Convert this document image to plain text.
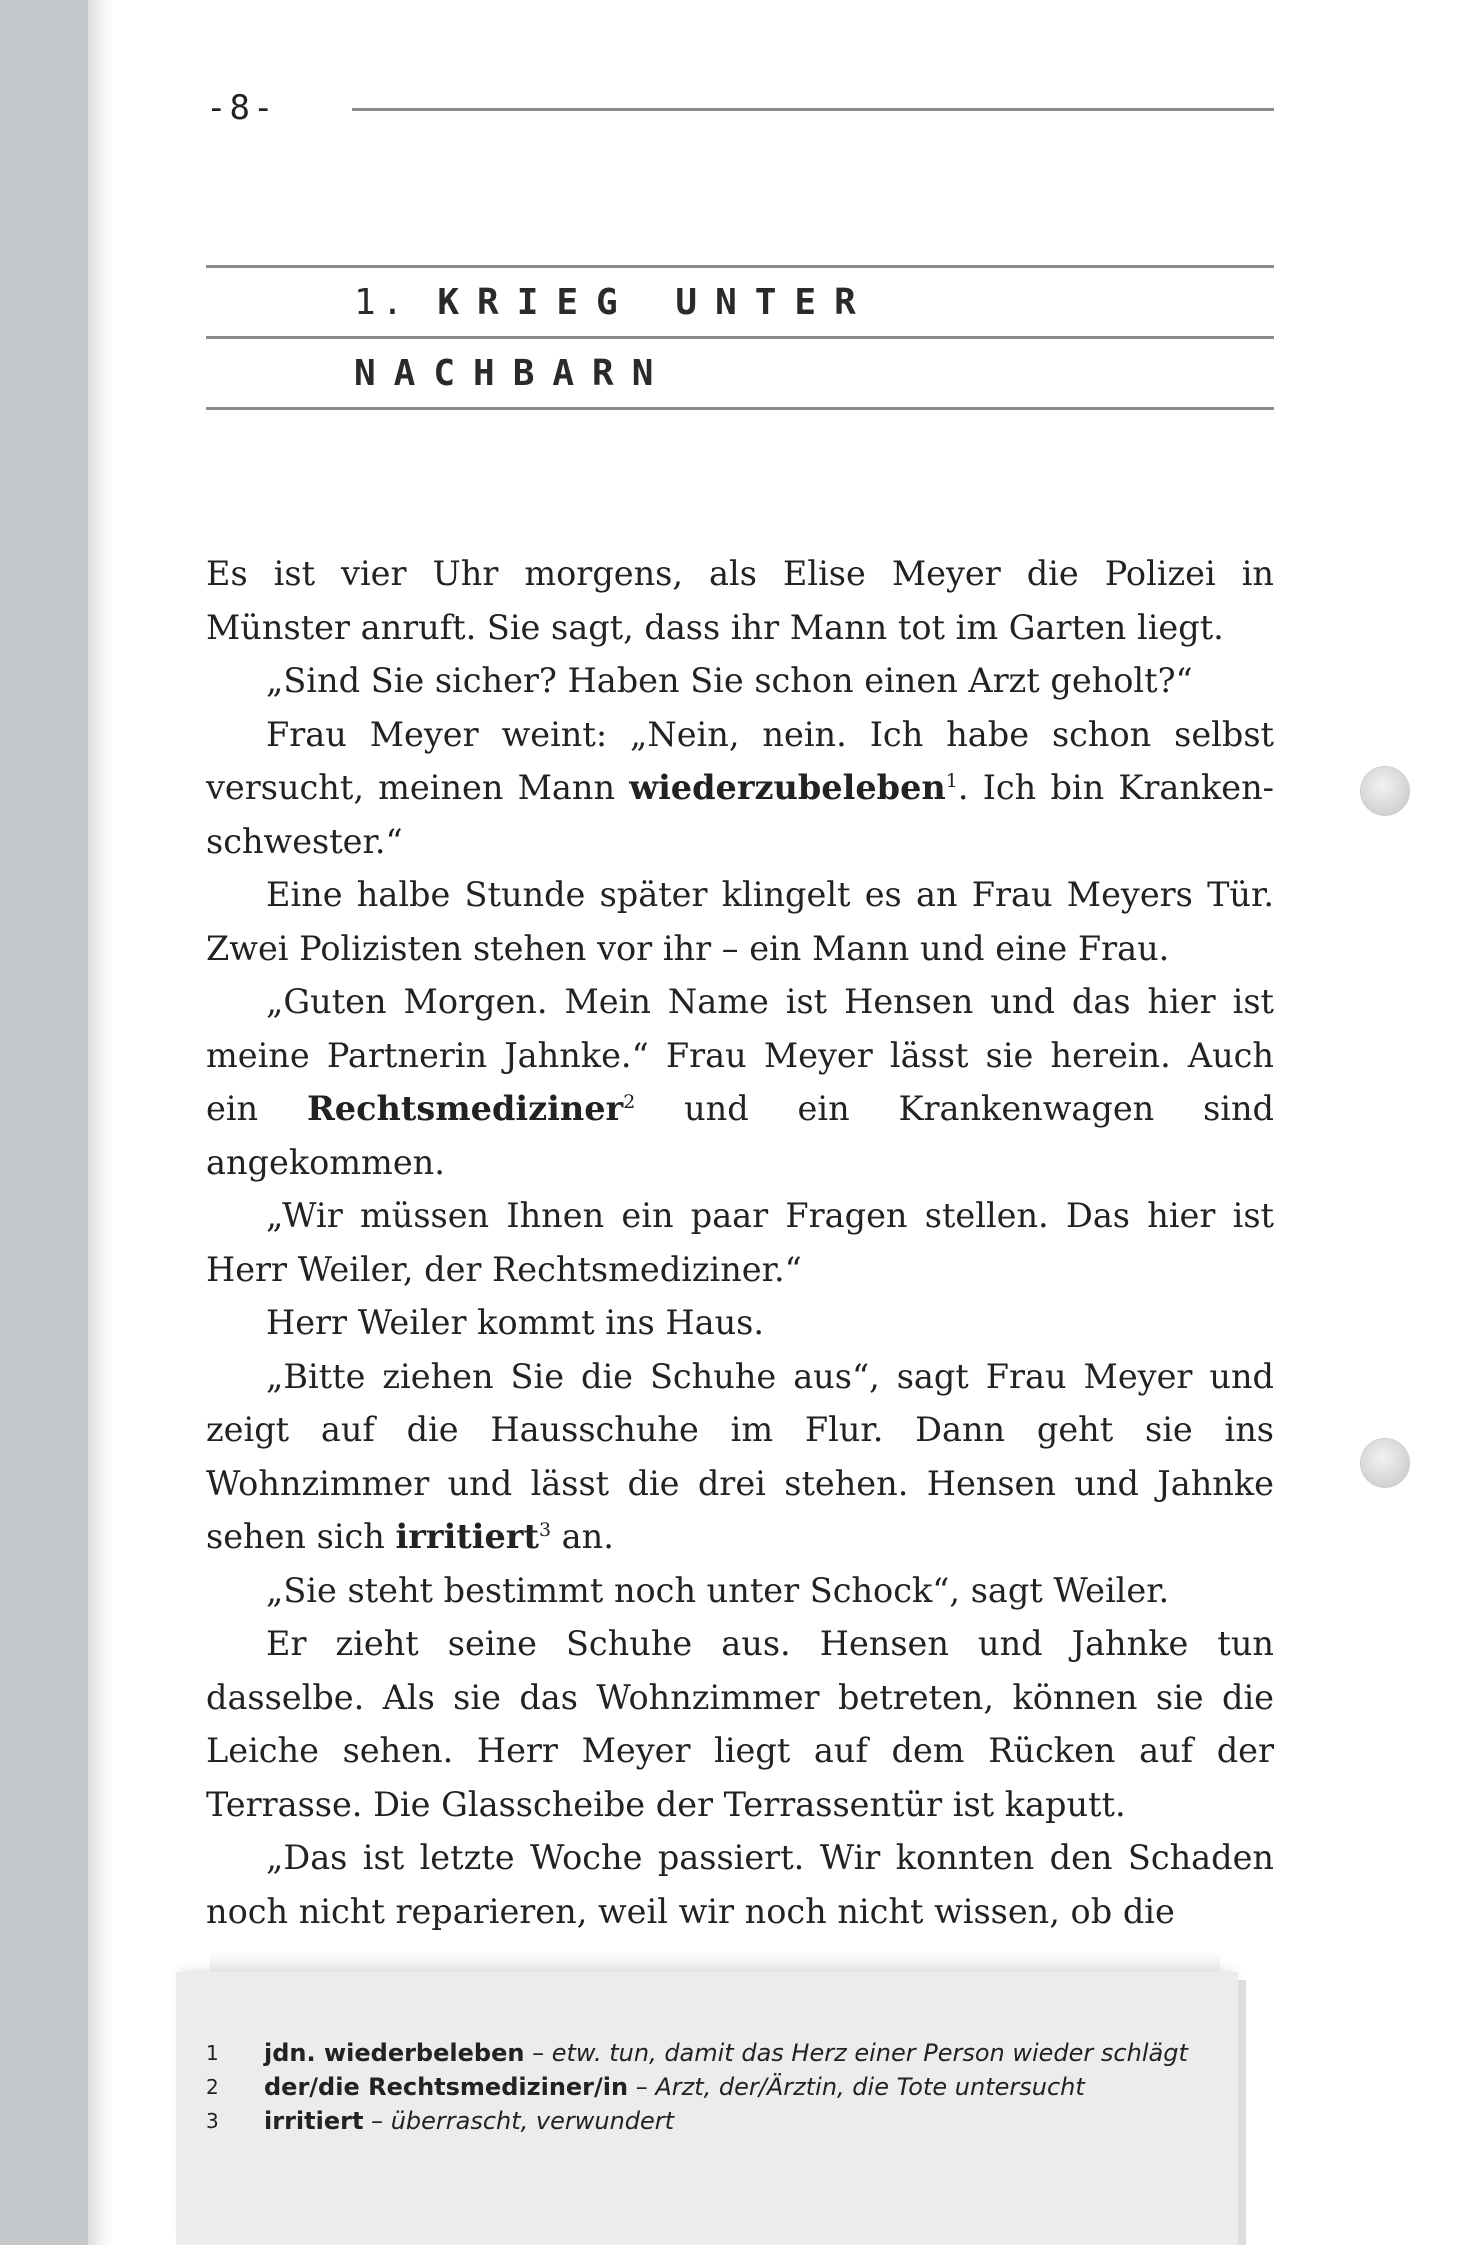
-8-
1. KRIEG UNTER
NACHBARN

Es ist vier Uhr morgens, als Elise Meyer die Polizei in Münster anruft. Sie sagt, dass ihr Mann tot im Garten liegt.

„Sind Sie sicher? Haben Sie schon einen Arzt geholt?“

Frau Meyer weint: „Nein, nein. Ich habe schon selbst versucht, meinen Mann wiederzubeleben$^1$. Ich bin Krankenschwester.“

Eine halbe Stunde später klingelt es an Frau Meyers Tür. Zwei Polizisten stehen vor ihr – ein Mann und eine Frau.

„Guten Morgen. Mein Name ist Hensen und das hier ist meine Partnerin Jahnke.“ Frau Meyer lässt sie herein. Auch ein Rechtsmediziner$^2$ und ein Krankenwagen sind angekommen.

„Wir müssen Ihnen ein paar Fragen stellen. Das hier ist Herr Weiler, der Rechtsmediziner.“

Herr Weiler kommt ins Haus.

„Bitte ziehen Sie die Schuhe aus“, sagt Frau Meyer und zeigt auf die Hausschuhe im Flur. Dann geht sie ins Wohnzimmer und lässt die drei stehen. Hensen und Jahnke sehen sich irritiert$^3$ an.

„Sie steht bestimmt noch unter Schock“, sagt Weiler.

Er zieht seine Schuhe aus. Hensen und Jahnke tun dasselbe. Als sie das Wohnzimmer betreten, können sie die Leiche sehen. Herr Meyer liegt auf dem Rücken auf der Terrasse. Die Glasscheibe der Terrassentür ist kaputt.

„Das ist letzte Woche passiert. Wir konnten den Schaden noch nicht reparieren, weil wir noch nicht wissen, ob die

1	jdn. wiederbeleben – etw. tun, damit das Herz einer Person wieder schlägt
2	der/die Rechtsmediziner/in – Arzt, der/Ärztin, die Tote untersucht
3	irritiert – überrascht, verwundert
